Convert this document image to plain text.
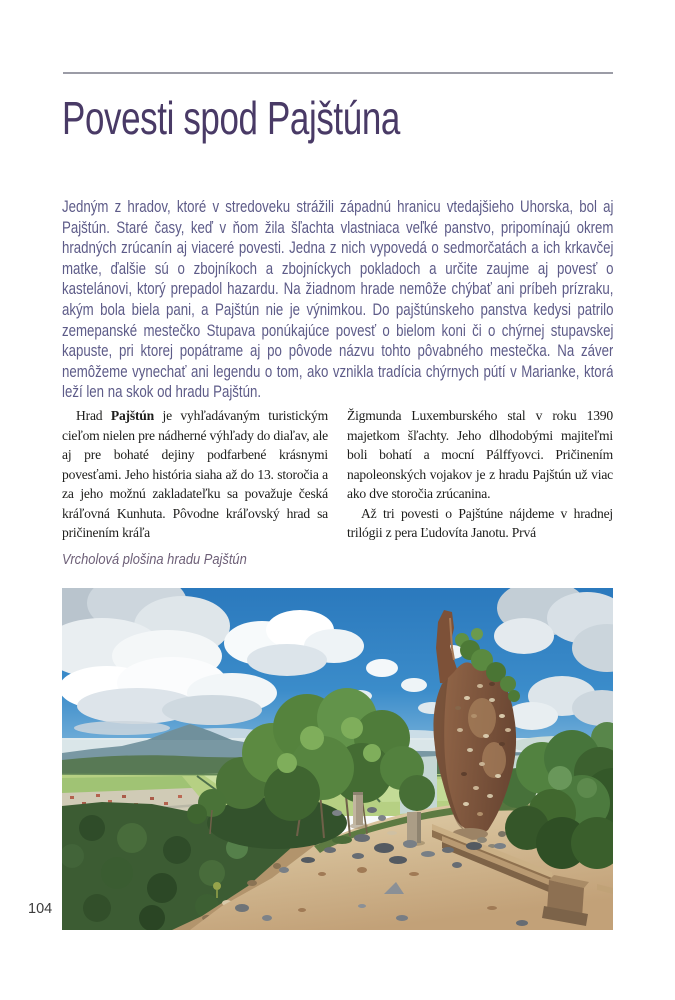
Povesti spod Pajštúna
Jedným z hradov, ktoré v stredoveku strážili západnú hranicu vtedajšieho Uhorska, bol aj Pajštún. Staré časy, keď v ňom žila šľachta vlastniaca veľké panstvo, pripomínajú okrem hradných zrúcanín aj viaceré povesti. Jedna z nich vypovedá o sedmorčatách a ich krkavčej matke, ďalšie sú o zbojníkoch a zbojníckych pokladoch a určite zaujme aj povesť o kastelánovi, ktorý prepadol hazardu. Na žiadnom hrade nemôže chýbať ani príbeh prízraku, akým bola biela pani, a Pajštún nie je výnimkou. Do pajštúnskeho panstva kedysi patrilo zemepanské mestečko Stupava ponúkajúce povesť o bielom koni či o chýrnej stupavskej kapuste, pri ktorej popátrame aj po pôvode názvu tohto pôvabného mestečka. Na záver nemôžeme vynechať ani legendu o tom, ako vznikla tradícia chýrnych pútí v Marianke, ktorá leží len na skok od hradu Pajštún.

Hrad Pajštún je vyhľadávaným turistickým cieľom nielen pre nádherné výhľady do diaľav, ale aj pre bohaté dejiny podfarbené krásnymi povesťami. Jeho história siaha až do 13. storočia a za jeho možnú zakladateľku sa považuje česká kráľovná Kunhuta. Pôvodne kráľovský hrad sa pričinením kráľa

Žigmunda Luxemburského stal v roku 1390 majetkom šľachty. Jeho dlhodobými majiteľmi boli bohatí a mocní Pálffyovci. Pričinením napoleonských vojakov je z hradu Pajštún už viac ako dve storočia zrúcanina.

Až tri povesti o Pajštúne nájdeme v hradnej trilógii z pera Ľudovíta Janotu. Prvá

Vrcholová plošina hradu Pajštún
104
